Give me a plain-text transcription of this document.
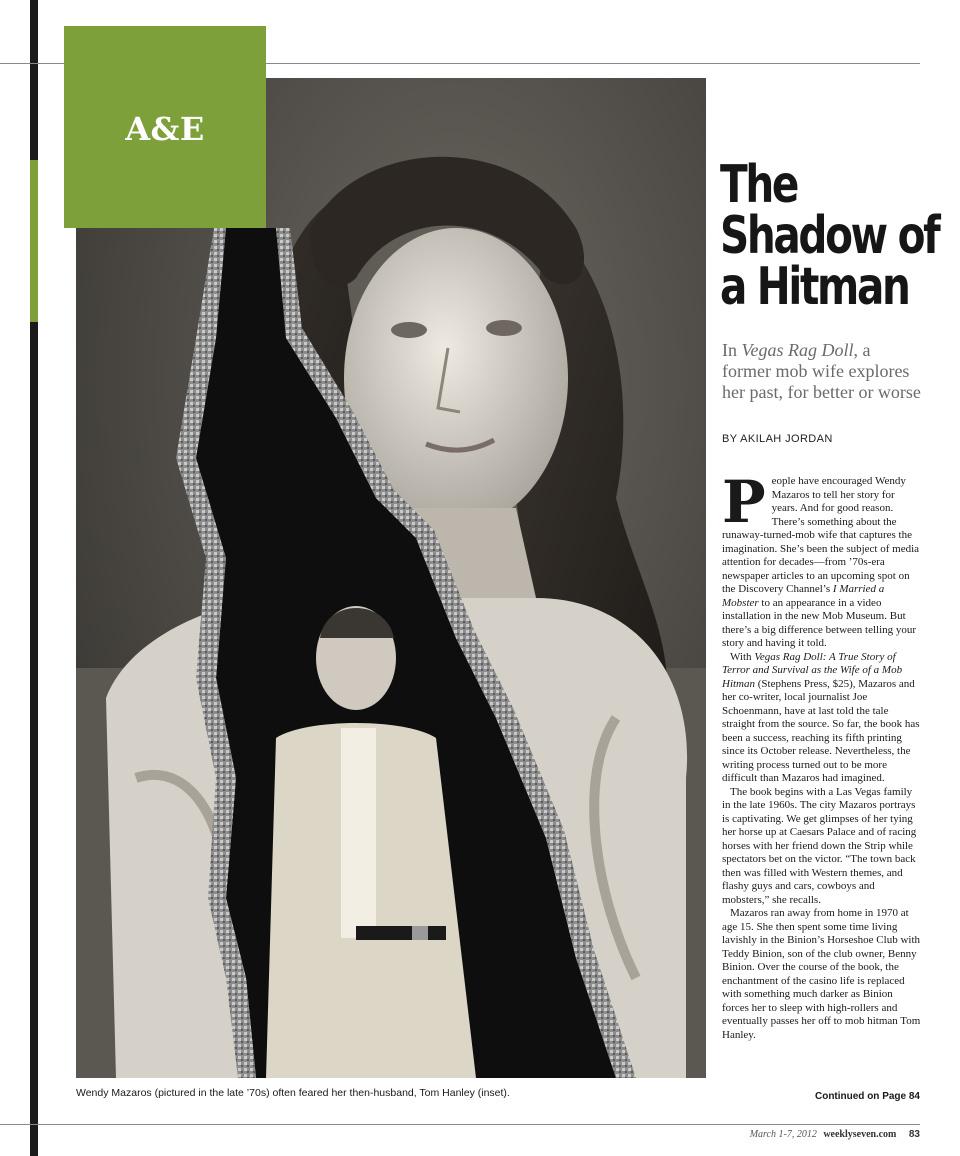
A&E
Wendy Mazaros (pictured in the late ’70s) often feared her then-husband, Tom Hanley (inset).
The
Shadow of
a Hitman
In Vegas Rag Doll, a former mob wife explores her past, for better or worse
BY AKILAH JORDAN

People have encouraged Wendy Mazaros to tell her story for years. And for good reason. There’s something about the runaway-turned-mob wife that captures the imagination. She’s been the subject of media attention for decades—from ’70s-era newspaper articles to an upcoming spot on the Discovery Channel’s I Married a Mobster to an appearance in a video installation in the new Mob Museum. But there’s a big difference between telling your story and having it told.

With Vegas Rag Doll: A True Story of Terror and Survival as the Wife of a Mob Hitman (Stephens Press, $25), Mazaros and her co-writer, local journalist Joe Schoenmann, have at last told the tale straight from the source. So far, the book has been a success, reaching its fifth printing since its October release. Nevertheless, the writing process turned out to be more difficult than Mazaros had imagined.

The book begins with a Las Vegas family in the late 1960s. The city Mazaros portrays is captivating. We get glimpses of her tying her horse up at Caesars Palace and of racing horses with her friend down the Strip while spectators bet on the victor. “The town back then was filled with Western themes, and flashy guys and cars, cowboys and mobsters,” she recalls.

Mazaros ran away from home in 1970 at age 15. She then spent some time living lavishly in the Binion’s Horseshoe Club with Teddy Binion, son of the club owner, Benny Binion. Over the course of the book, the enchantment of the casino life is replaced with something much darker as Binion forces her to sleep with high-rollers and eventually passes her off to mob hitman Tom Hanley.

Continued on Page 84
March 1-7, 2012 weeklyseven.com 83
